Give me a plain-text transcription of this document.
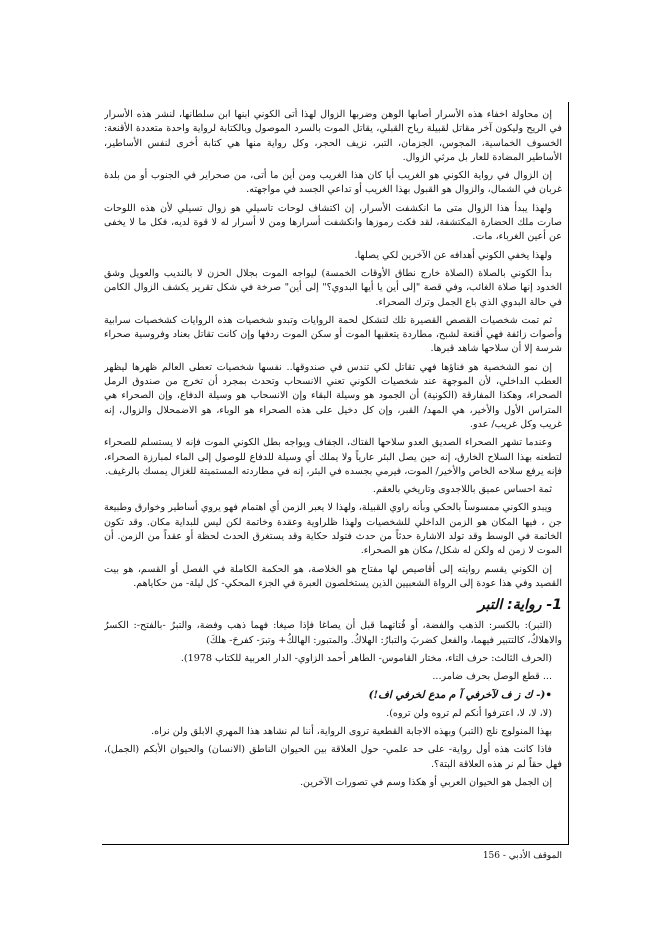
إن محاولة اخفاء هذه الأسرار أصابها الوهن وضربها الزوال لهذا أتى الكوني ابنها ابن سلطانها، لنشر هذه الأسرار في الريح وليكون آخر مقاتل لقبيلة رياح القبلي، يقاتل الموت بالسرد الموصول وبالكتابة لرواية واحدة متعددة الأقنعة: الخسوف الخماسية، المجوس، الجزمان، التبر، نزيف الحجر، وكل رواية منها هي كتابة أخرى لنفس الأساطير، الأساطير المضادة للعار بل مرثي الزوال.

إن الزوال في رواية الكوني هو الغريب أيا كان هذا الغريب ومن أين ما أتى، من صحراير في الجنوب أو من بلدة غربان في الشمال، والزوال هو القبول بهذا الغريب أو تداعي الجسد في مواجهته.

ولهذا يبدأ هذا الزوال متى ما انكشفت الأسرار، إن اكتشاف لوحات تاسيلي هو زوال تسيلي لأن هذه اللوحات صارت ملك الحضارة المكتشفة، لقد فكت رموزها وانكشفت أسرارها ومن لا أسرار له لا قوة لديه، فكل ما لا يخفى عن أعين الغرباء، مات.

ولهذا يخفي الكوني أهدافه عن الآخرين لكي يصلها.

بدأ الكوني بالصلاة (الصلاة خارج نطاق الأوقات الخمسة) ليواجه الموت بجلال الحزن لا بالنديب والعويل وشق الخدود إنها صلاة الغائب، وفي قصة "إلى أين يا أيها البدوي؟" إلى أين" صرخة في شكل تقرير يكشف الزوال الكامن في حالة البدوي الذي باع الجمل وترك الصحراء.

ثم تمت شخصيات القصص القصيرة تلك لتشكل لحمة الروايات وتبدو شخصيات هذه الروايات كشخصيات سرابية وأصوات زائفة فهي أقنعة لشبح، مطاردة يتعقبها الموت أو سكن الموت ردفها وإن كانت تقاتل بعناد وفروسية صحراء شرسة إلا أن سلاحها شاهد قبرها.

إن نمو الشخصية هو فناؤها فهي تقاتل لكي تندس في صندوقها.. نفسها شخصيات تعطى العالم ظهرها ليظهر العطب الداخلي، لأن الموجهة عند شخصيات الكوني تعني الانسحاب وتحدث بمجرد أن تخرج من صندوق الرمل الصحراء، وهكذا المفارقة (الكونية) أن الجمود هو وسيلة البقاء وإن الانسحاب هو وسيلة الدفاع، وإن الصحراء هي المتراس الأول والأخير، هي المهد/ القبر، وإن كل دخيل على هذه الصحراء هو الوباء، هو الاضمحلال والزوال، إنه غريب وكل غريب/ عدو.

وعندما تشهر الصحراء الصديق العدو سلاحها الفتاك، الجفاف ويواجه بطل الكوني الموت فإنه لا يستسلم للصحراء لتطعنه بهذا السلاح الخارق، إنه حين يصل البئر عارياً ولا يملك أي وسيلة للدفاع للوصول إلى الماء لمبارزة الصحراء، فإنه يرفع سلاحه الخاص والأخير/ الموت، فيرمي بجسده في البئر، إنه في مطاردته المستميتة للغزال يمسك بالرغيف.

ثمة احساس عميق باللاجدوى وتاريخي بالعقم.

ويبدو الكوني ممسوساً بالحكي وبأنه راوي القبيلة، ولهذا لا يعبر الزمن أي اهتمام فهو يروي أساطير وخوارق وطبيعة جن ، فيها المكان هو الزمن الداخلي للشخصيات ولهذا ظلراوية وعقدة وخاتمة لكن ليس للبداية مكان. وقد تكون الخاتمة في الوسط وقد تولد الاشارة حدثاً من حدث فتولد حكاية وقد يستغرق الحدث لحظة أو عقداً من الزمن. أن الموت لا زمن له ولكن له شكل/ مكان هو الصحراء.

إن الكوني يقسم روايته إلى أقاصيص لها مفتاح هو الخلاصة، هو الحكمة الكاملة في الفصل أو القسم، هو بيت القصيد وفي هذا عودة إلى الرواة الشعبيين الذين يستخلصون العبرة في الجزء المحكي- كل ليلة- من حكاياهم.

1- رواية: التبر

(التبر): بالكسر: الذهب والفضة، أو فُتاتهما قبل أن يصاغا فإذا صيغا: فهما ذهب وفضة، والتبرُ -بالفتح-: الكسرُ والاهلاكُ، كالتتبير فيهما، والفعل كضربَ والتبارُ: الهلاكُ. والمتبور: الهالكُ+ وتبرَ- كفرحَ- هلكَ)

(الحرف الثالث: حرف التاء، مختار القاموس- الطاهر أحمد الزاوي- الدار العربية للكتاب 1978).

... قطع الوصل بحرف ضامر...

•(- ك ز ف لآخرفي آ م مدع لخرفي اف!)

(لا، لا، لا، اعترفوا أنكم لم تروه ولن تروه).

بهذا المنولوج نلج (التبر) وبهذه الاجابة القطعية تروى الرواية، أننا لم نشاهد هذا المهري الابلق ولن نراه.

فاذا كانت هذه أول رواية- على حد علمي- حول العلاقة بين الحيوان الناطق (الانسان) والحيوان الأبكم (الجمل)، فهل حقاً لم نر هذه العلاقة البتة؟.

إن الجمل هو الحيوان العربي أو هكذا وسم في تصورات الآخرين.

الموقف الأدبي - 156
